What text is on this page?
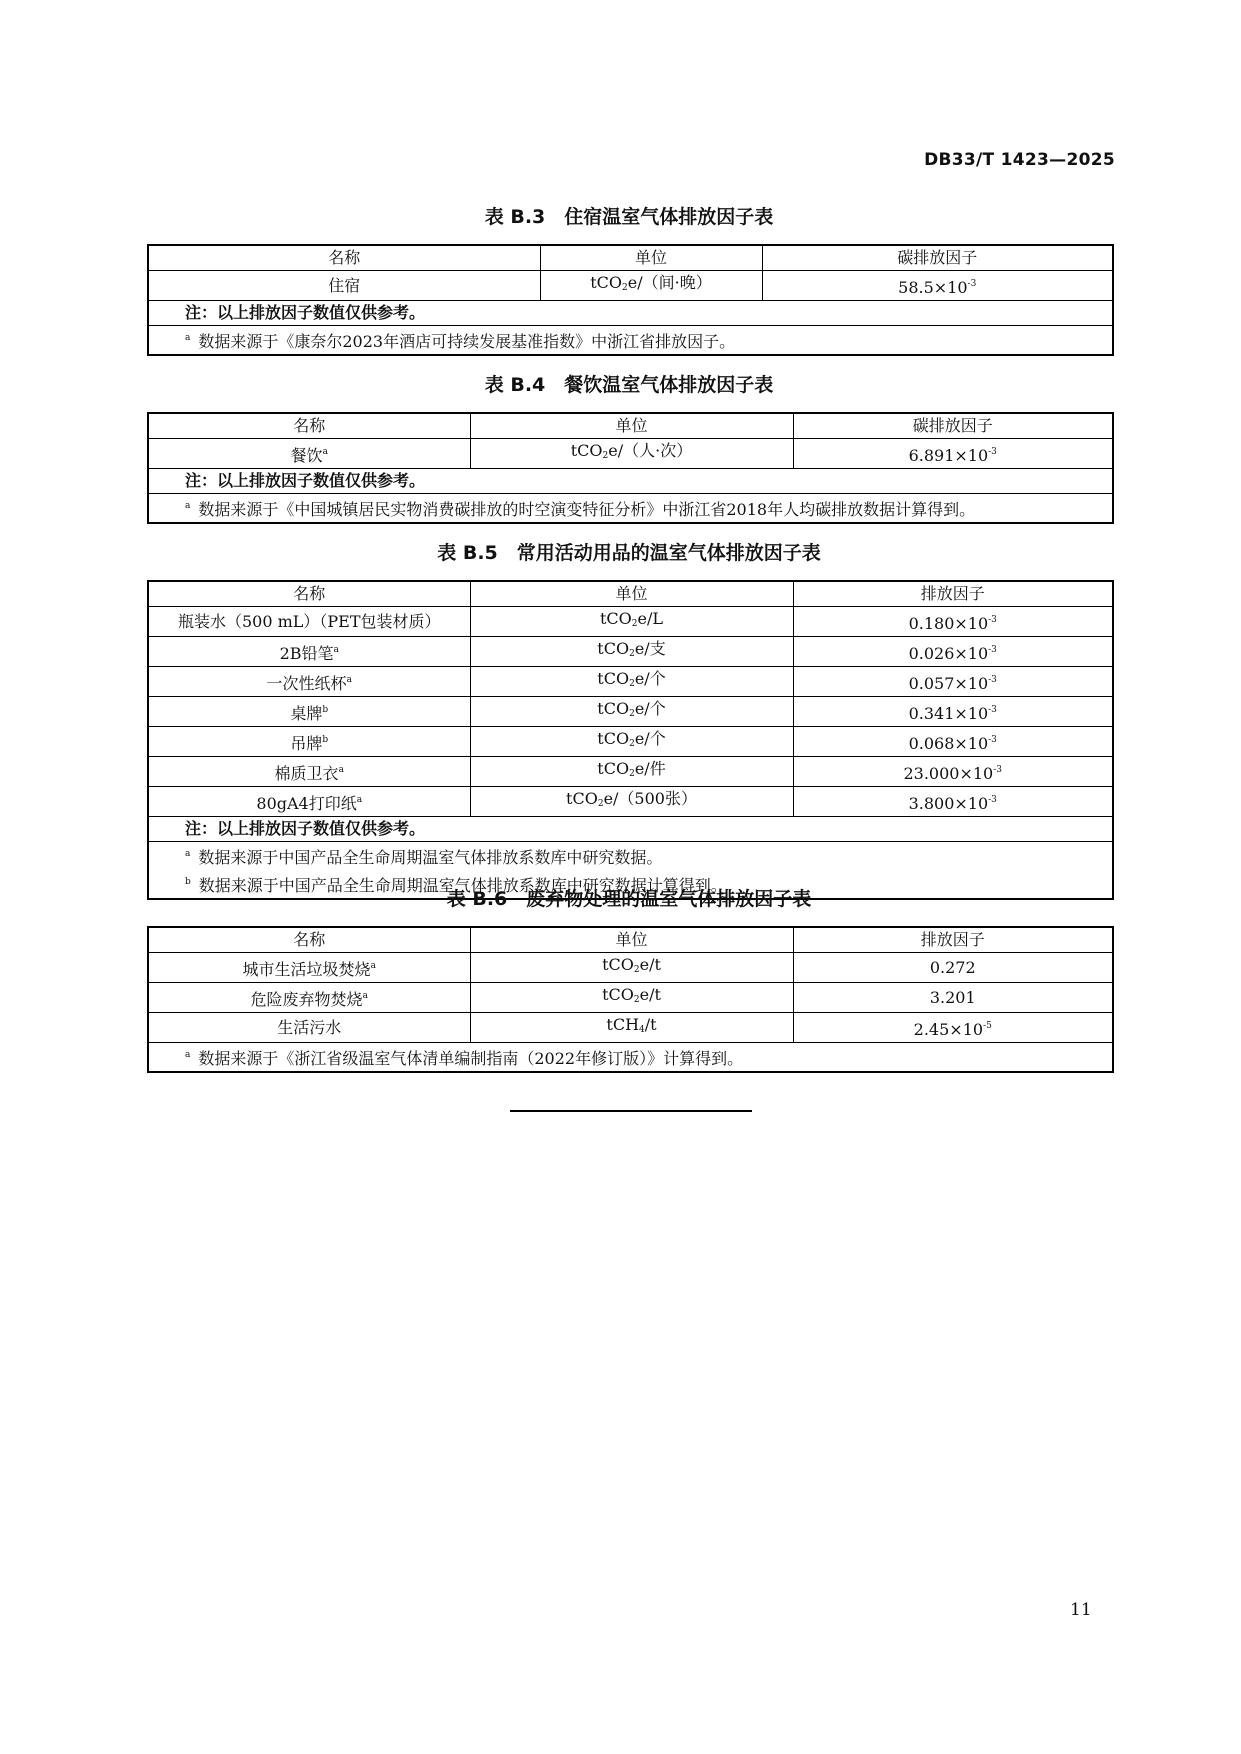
DB33/T 1423—2025
表 B.3　住宿温室气体排放因子表
名称	单位	碳排放因子
住宿	tCO$_2$e/（间·晚）	$58.5\times 10^{-3}$
注：以上排放因子数值仅供参考。		

$^a$ 数据来源于《康奈尔2023年酒店可持续发展基准指数》中浙江省排放因子。		
表 B.4　餐饮温室气体排放因子表
名称	单位	碳排放因子
餐饮$^a$	tCO$_2$e/（人·次）	$6.891\times 10^{-3}$
注：以上排放因子数值仅供参考。		

$^a$ 数据来源于《中国城镇居民实物消费碳排放的时空演变特征分析》中浙江省2018年人均碳排放数据计算得到。		
表 B.5　常用活动用品的温室气体排放因子表
名称	单位	排放因子
瓶装水（500 mL）（PET包装材质）	tCO$_2$e/L	$0.180\times 10^{-3}$
2B铅笔$^a$	tCO$_2$e/支	$0.026\times 10^{-3}$
一次性纸杯$^a$	tCO$_2$e/个	$0.057\times 10^{-3}$
桌牌$^b$	tCO$_2$e/个	$0.341\times 10^{-3}$
吊牌$^b$	tCO$_2$e/个	$0.068\times 10^{-3}$
棉质卫衣$^a$	tCO$_2$e/件	$23.000\times 10^{-3}$
80gA4打印纸$^a$	tCO$_2$e/（500张）	$3.800\times 10^{-3}$
注：以上排放因子数值仅供参考。		

$^a$ 数据来源于中国产品全生命周期温室气体排放系数库中研究数据。
$^b$ 数据来源于中国产品全生命周期温室气体排放系数库中研究数据计算得到。		
表 B.6　废弃物处理的温室气体排放因子表
名称	单位	排放因子
城市生活垃圾焚烧$^a$	tCO$_2$e/t	0.272
危险废弃物焚烧$^a$	tCO$_2$e/t	3.201
生活污水	tCH$_4$/t	$2.45\times 10^{-5}$

$^a$ 数据来源于《浙江省级温室气体清单编制指南（2022年修订版）》计算得到。		
11
